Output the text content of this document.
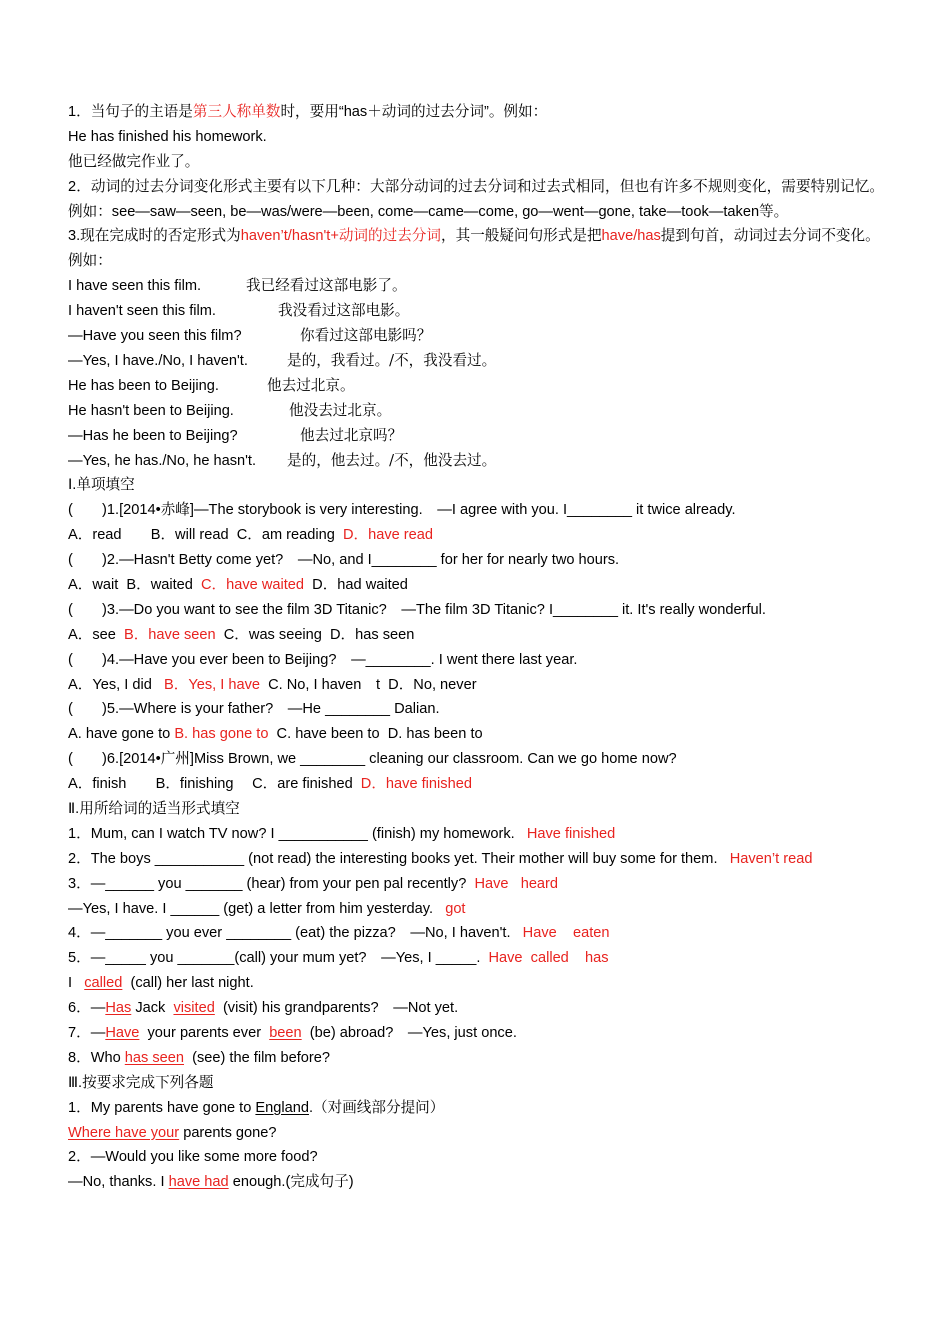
1．当句子的主语是第三人称单数时，要用“has＋动词的过去分词”。例如：
He has finished his homework.
他已经做完作业了。
2．动词的过去分词变化形式主要有以下几种：大部分动词的过去分词和过去式相同，但也有许多不规则变化，需要特别记忆。例如：see—saw—seen, be—was/were—been, come—came—come, go—went—gone, take—took—taken等。
3.现在完成时的否定形式为haven’t/hasn't+动词的过去分词，其一般疑问句形式是把have/has提到句首，动词过去分词不变化。
例如：
I have seen this film.	我已经看过这部电影了。
I haven't seen this film.	我没看过这部电影。
—Have you seen this film?	你看过这部电影吗？
—Yes, I have./No, I haven't.	是的，我看过。/不，我没看过。
He has been to Beijing.	他去过北京。
He hasn't been to Beijing.	他没去过北京。
—Has he been to Beijing?	他去过北京吗？
—Yes, he has./No, he hasn't. 是的，他去过。/不，他没去过。
Ⅰ.单项填空
(　　)1.[2014•赤峰]—The storybook is very interesting.　—I agree with you. I________ it twice already.
A．read　　B．will read  C．am reading D．have read
(　　)2.—Hasn't Betty come yet?　—No, and I________ for her for nearly two hours.
A．wait  B．waited C．have waited D．had waited
(　　)3.—Do you want to see the film 3D Titanic?　—The film 3D Titanic? I________ it. It's really wonderful.
A．see B．have seen C．was seeing  D．has seen
(　　)4.—Have you ever been to Beijing?　—________. I went there last year.
A．Yes, I did B．Yes, I have C. No, I haven　t  D．No, never
(　　)5.—Where is your father?　—He ________ Dalian.
A. have gone to B. has gone to C. have been to  D. has been to
(　　)6.[2014•广州]Miss Brown, we ________ cleaning our classroom. Can we go home now?
A．finish　　B．finishing　 C．are finished D．have finished
Ⅱ.用所给词的适当形式填空
1．Mum, can I watch TV now? I ___________ (finish) my homework. Have finished
2．The boys ___________ (not read) the interesting books yet. Their mother will buy some for them. Haven’t read
3．—______ you _______ (hear) from your pen pal recently? Have heard
—Yes, I have. I ______ (get) a letter from him yesterday. got
4．—_______ you ever ________ (eat) the pizza?　—No, I haven't. Have eaten
5．—_____ you _______(call) your mum yet?　—Yes, I _____. Have called has
I called (call) her last night.
6．—Has Jack visited (visit) his grandparents?　—Not yet.
7．—Have your parents ever been (be) abroad?　—Yes, just once.
8．Who has seen (see) the film before?
Ⅲ.按要求完成下列各题
1．My parents have gone to England.（对画线部分提问）
Where have your parents gone?
2．—Would you like some more food?
—No, thanks. I have had enough.(完成句子)
